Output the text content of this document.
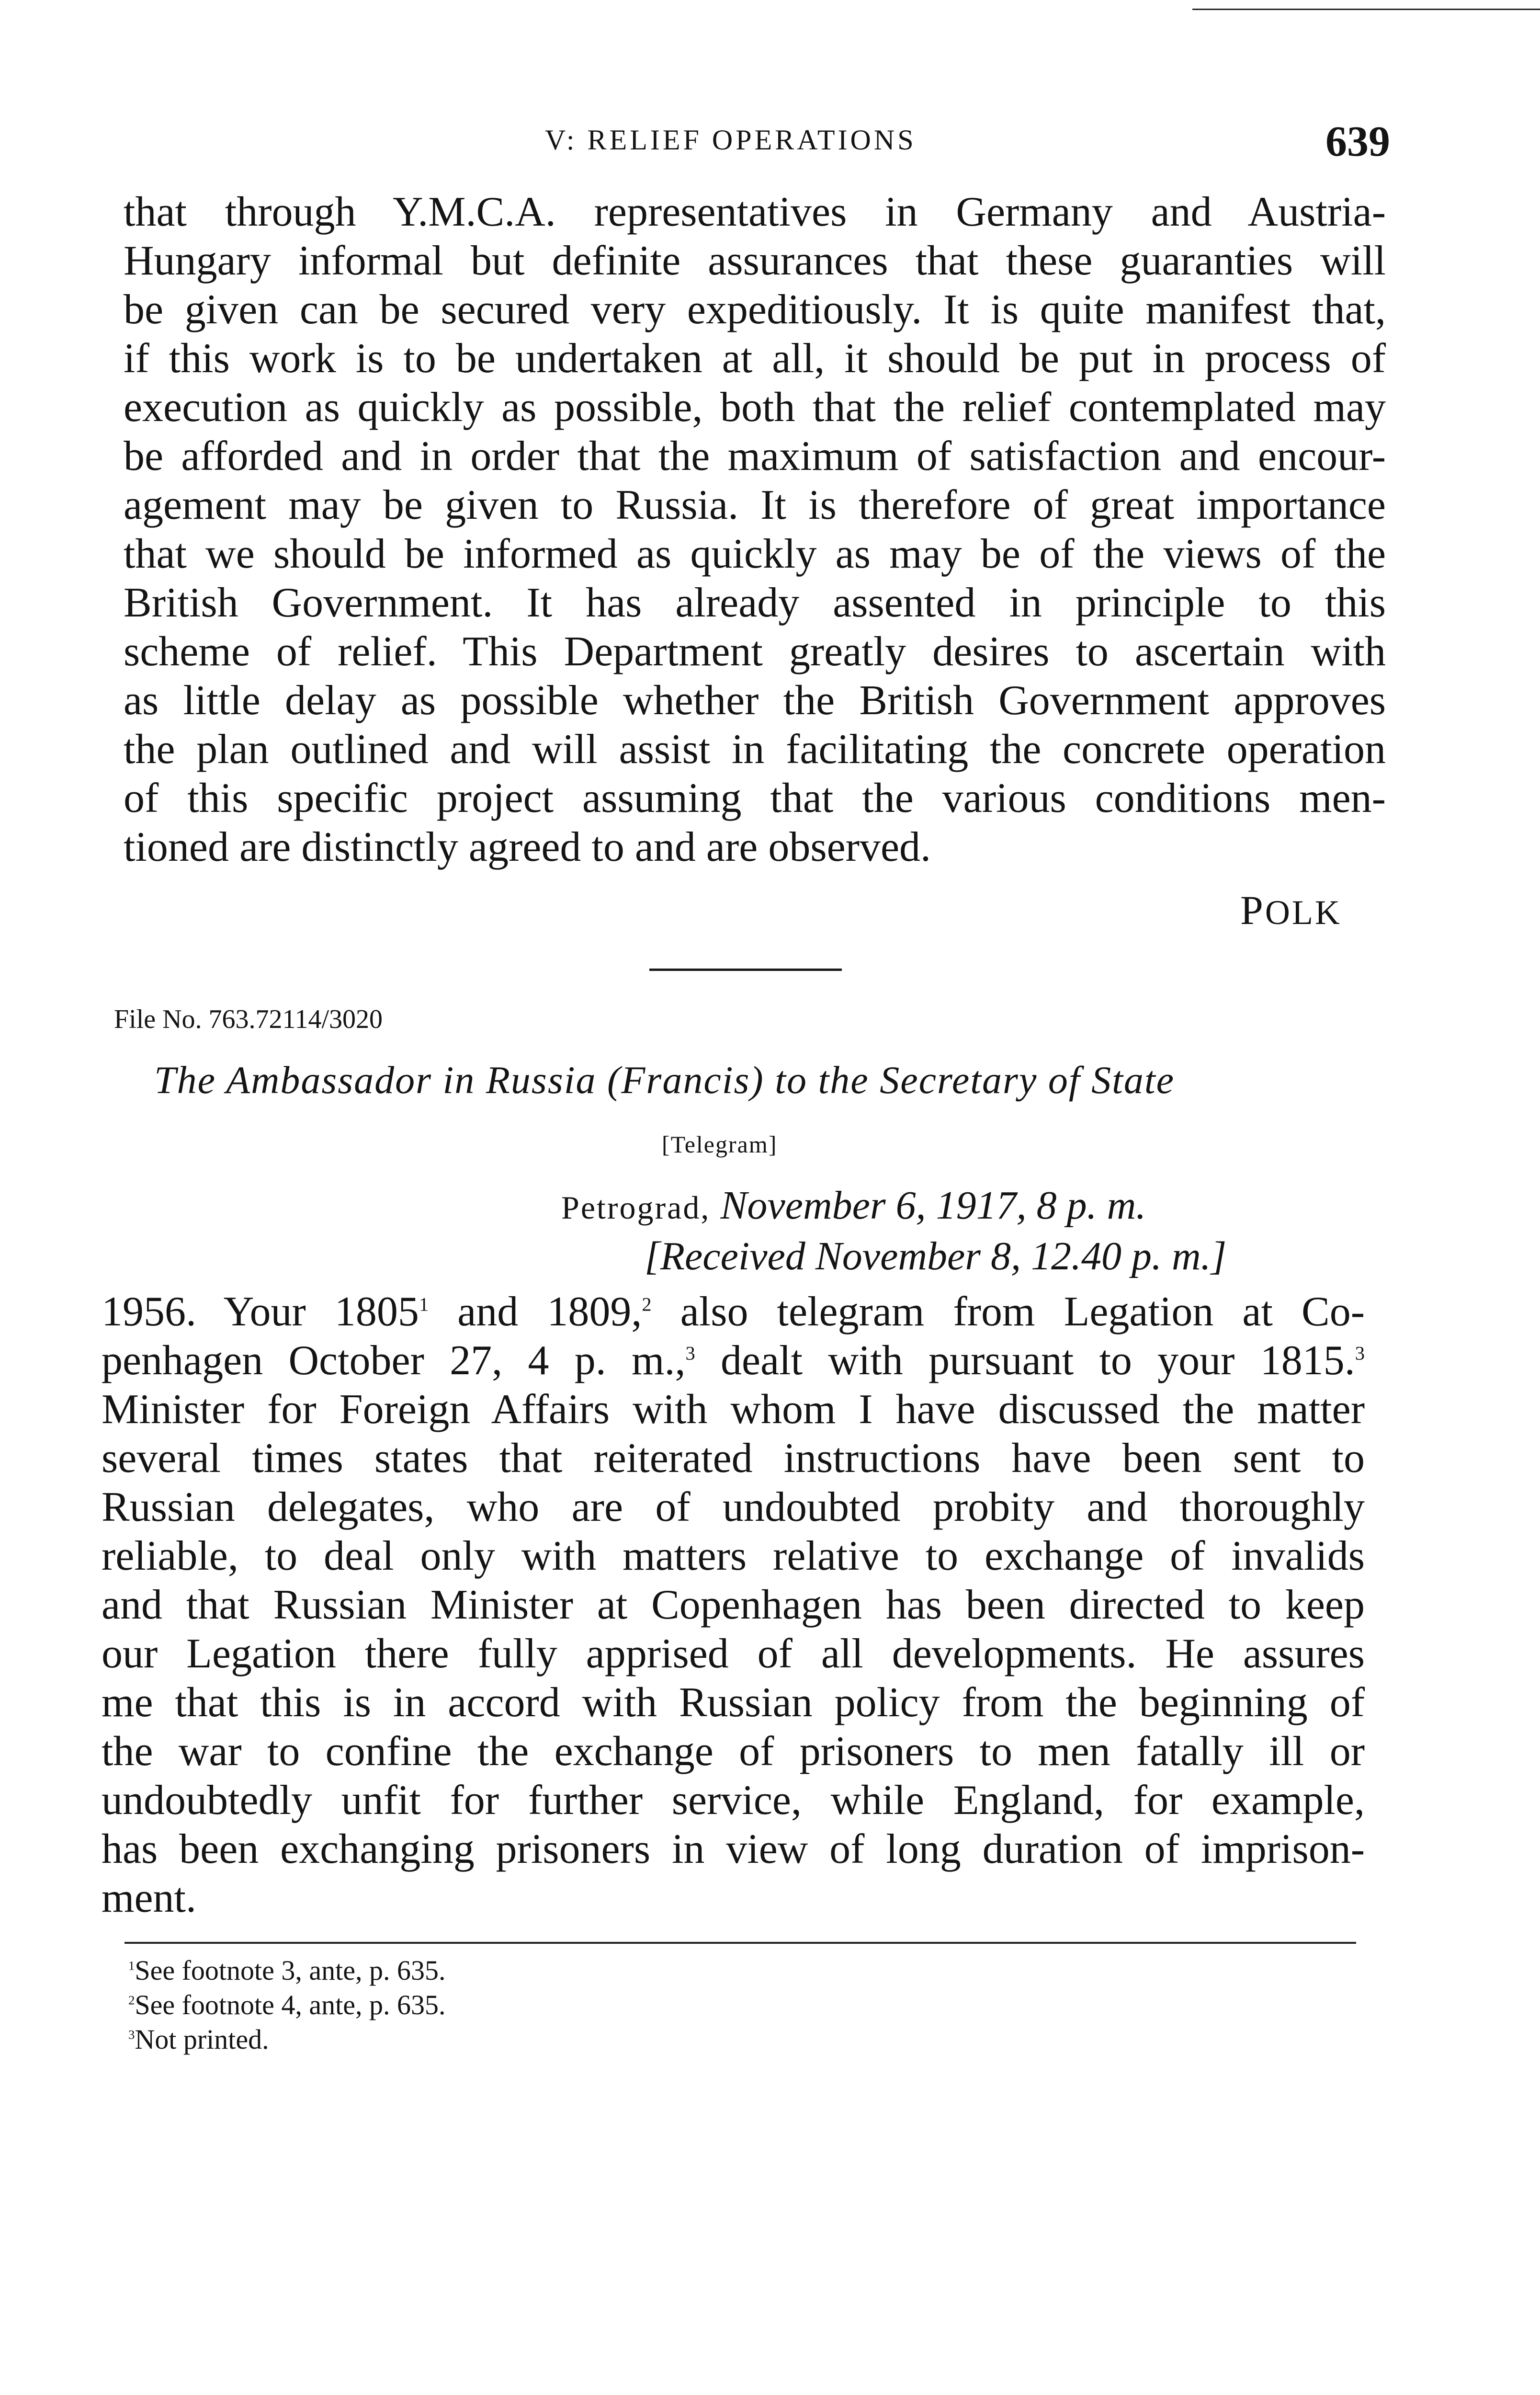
V: RELIEF OPERATIONS	639
that through Y.M.C.A. representatives in Germany and Austria-
Hungary informal but definite assurances that these guaranties will
be given can be secured very expeditiously. It is quite manifest that,
if this work is to be undertaken at all, it should be put in process of
execution as quickly as possible, both that the relief contemplated may
be afforded and in order that the maximum of satisfaction and encour-
agement may be given to Russia. It is therefore of great importance
that we should be informed as quickly as may be of the views of the
British Government. It has already assented in principle to this
scheme of relief. This Department greatly desires to ascertain with
as little delay as possible whether the British Government approves
the plan outlined and will assist in facilitating the concrete operation
of this specific project assuming that the various conditions men-
tioned are distinctly agreed to and are observed.
POLK
File No. 763.72114/3020
The Ambassador in Russia (Francis) to the Secretary of State
[Telegram]
Petrograd, November 6, 1917, 8 p. m.
[Received November 8, 12.40 p. m.]
1956. Your 1805$^1$ and 1809,$^2$ also telegram from Legation at Co-
penhagen October 27, 4 p. m.,$^3$ dealt with pursuant to your 1815.$^3$
Minister for Foreign Affairs with whom I have discussed the matter
several times states that reiterated instructions have been sent to
Russian delegates, who are of undoubted probity and thoroughly
reliable, to deal only with matters relative to exchange of invalids
and that Russian Minister at Copenhagen has been directed to keep
our Legation there fully apprised of all developments. He assures
me that this is in accord with Russian policy from the beginning of
the war to confine the exchange of prisoners to men fatally ill or
undoubtedly unfit for further service, while England, for example,
has been exchanging prisoners in view of long duration of imprison-
ment.
$^1$See footnote 3, ante, p. 635.
$^2$See footnote 4, ante, p. 635.
$^3$Not printed.
